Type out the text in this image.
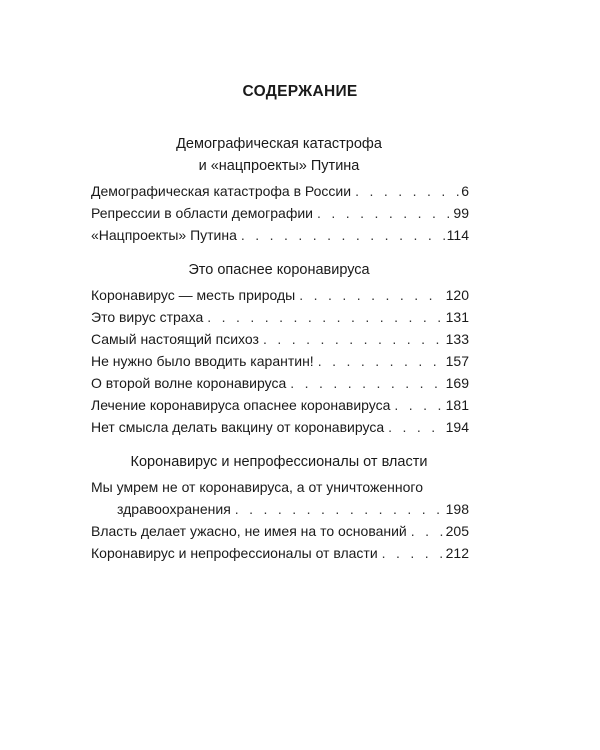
СОДЕРЖАНИЕ
Демографическая катастрофа
и «нацпроекты» Путина
Демографическая катастрофа в России . . .	6
Репрессии в области демографии . . .	99
«Нацпроекты» Путина . . .	114
Это опаснее коронавируса
Коронавирус — месть природы . . .	120
Это вирус страха . . .	131
Самый настоящий психоз . . .	133
Не нужно было вводить карантин! . . .	157
О второй волне коронавируса . . .	169
Лечение коронавируса опаснее коронавируса . . .	181
Нет смысла делать вакцину от коронавируса . . .	194
Коронавирус и непрофессионалы от власти
Мы умрем не от коронавируса, а от уничтоженного
здравоохранения . . .	198
Власть делает ужасно, не имея на то оснований . . .	205
Коронавирус и непрофессионалы от власти . . .	212
